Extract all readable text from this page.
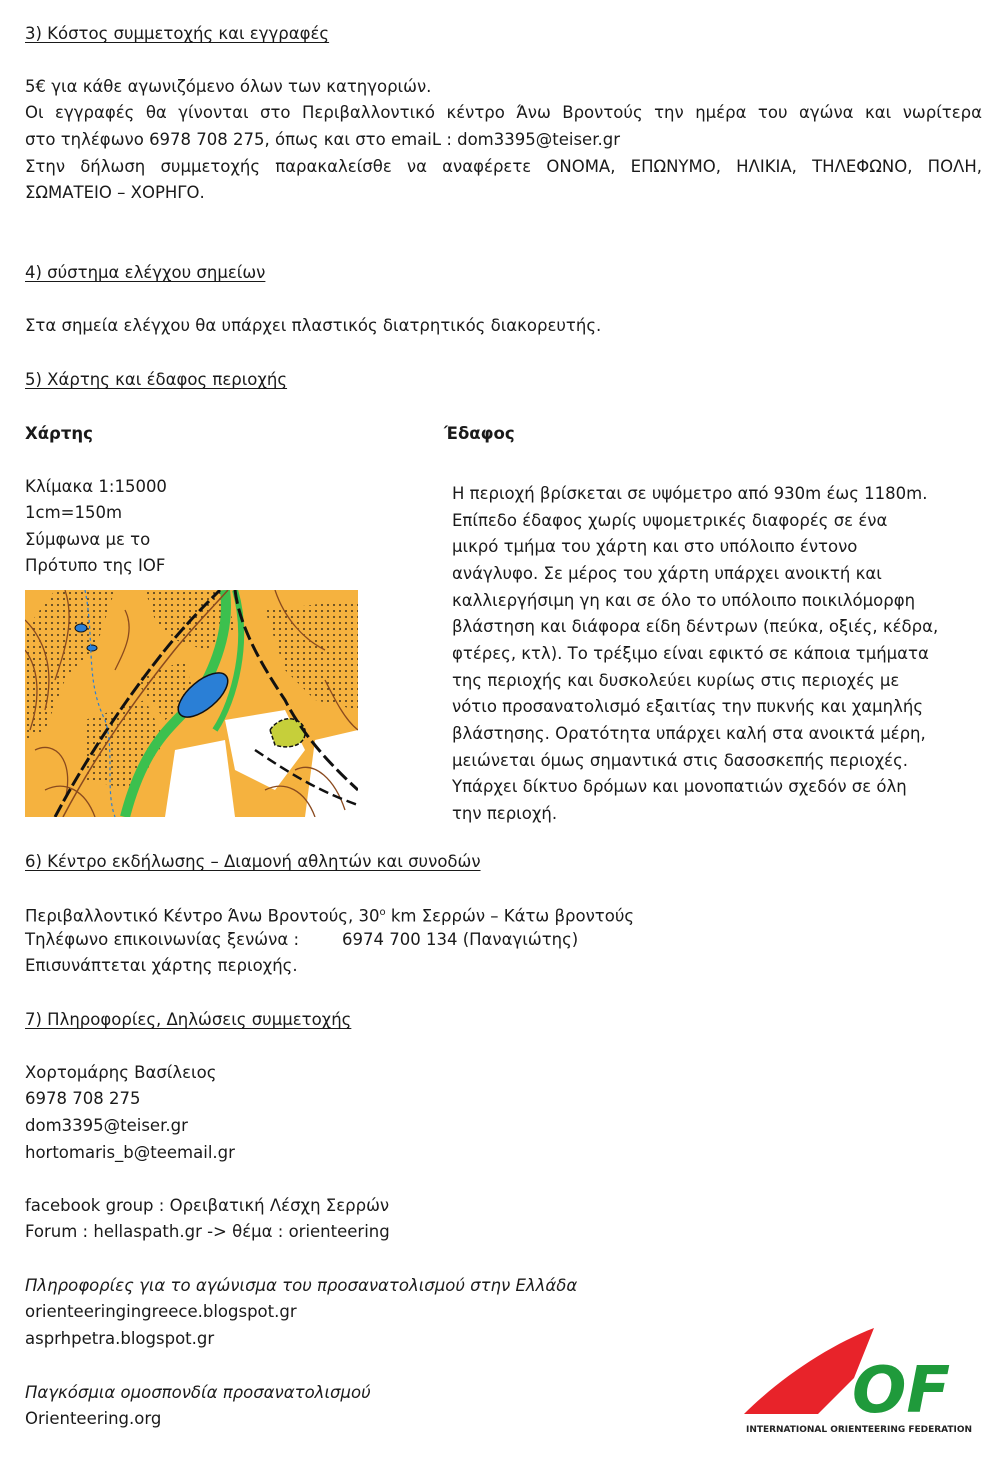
3) Κόστος συμμετοχής και εγγραφές
5€ για κάθε αγωνιζόμενο όλων των κατηγοριών.
Οι εγγραφές θα γίνονται στο Περιβαλλοντικό κέντρο Άνω Βροντούς την ημέρα του αγώνα και νωρίτερα
στο τηλέφωνο 6978 708 275, όπως και στο emaiL : dom3395@teiser.gr
Στην δήλωση συμμετοχής παρακαλείσθε να αναφέρετε ΟΝΟΜΑ, ΕΠΩΝΥΜΟ, ΗΛΙΚΙΑ, ΤΗΛΕΦΩΝΟ, ΠΟΛΗ,
ΣΩΜΑΤΕΙΟ – ΧΟΡΗΓΟ.
4) σύστημα ελέγχου σημείων
Στα σημεία ελέγχου θα υπάρχει πλαστικός διατρητικός διακορευτής.
5) Χάρτης και έδαφος περιοχής
Χάρτης	Έδαφος
Κλίμακα 1:15000
1cm=150m
Σύμφωνα με το
Πρότυπο της IOF
Η περιοχή βρίσκεται σε υψόμετρο από 930m έως 1180m.
Επίπεδο έδαφος χωρίς υψομετρικές διαφορές σε ένα
μικρό τμήμα του χάρτη και στο υπόλοιπο έντονο
ανάγλυφο. Σε μέρος του χάρτη υπάρχει ανοικτή και
καλλιεργήσιμη γη και σε όλο το υπόλοιπο ποικιλόμορφη
βλάστηση και διάφορα είδη δέντρων (πεύκα, οξιές, κέδρα,
φτέρες, κτλ). Το τρέξιμο είναι εφικτό σε κάποια τμήματα
της περιοχής και δυσκολεύει κυρίως στις περιοχές με
νότιο προσανατολισμό εξαιτίας την πυκνής και χαμηλής
βλάστησης. Ορατότητα υπάρχει καλή στα ανοικτά μέρη,
μειώνεται όμως σημαντικά στις δασοσκεπής περιοχές.
Υπάρχει δίκτυο δρόμων και μονοπατιών σχεδόν σε όλη
την περιοχή.
6) Κέντρο εκδήλωσης – Διαμονή αθλητών και συνοδών
Περιβαλλοντικό Κέντρο Άνω Βροντούς, $30^o$ km Σερρών – Κάτω βροντούς
Τηλέφωνο επικοινωνίας ξενώνα :	6974 700 134 (Παναγιώτης)
Επισυνάπτεται χάρτης περιοχής.
7) Πληροφορίες, Δηλώσεις συμμετοχής
Χορτομάρης Βασίλειος
6978 708 275
dom3395@teiser.gr
hortomaris_b@teemail.gr
facebook group : Ορειβατική Λέσχη Σερρών
Forum : hellaspath.gr -> θέμα : orienteering
Πληροφορίες για το αγώνισμα του προσανατολισμού στην Ελλάδα
orienteeringingreece.blogspot.gr
asprhpetra.blogspot.gr
Παγκόσμια ομοσπονδία προσανατολισμού
Orienteering.org	OF
INTERNATIONAL ORIENTEERING FEDERATION
